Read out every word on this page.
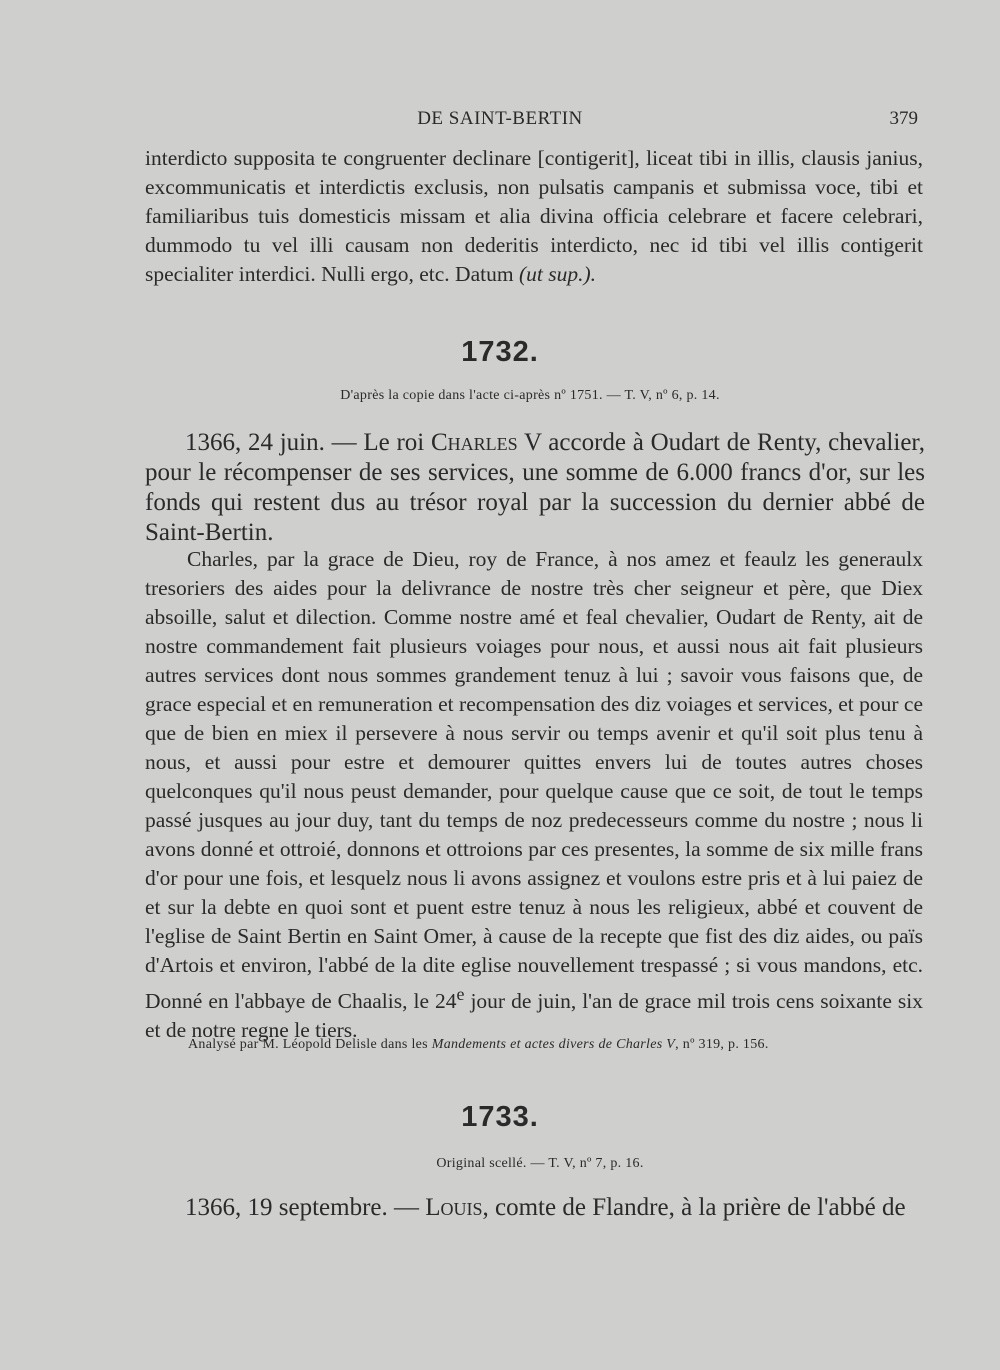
DE SAINT-BERTIN	379

interdicto supposita te congruenter declinare [contigerit], liceat tibi in illis, clausis janius, excommunicatis et interdictis exclusis, non pulsatis campanis et submissa voce, tibi et familiaribus tuis domesticis missam et alia divina officia celebrare et facere celebrari, dummodo tu vel illi causam non dederitis interdicto, nec id tibi vel illis contigerit specialiter interdici. Nulli ergo, etc. Datum (ut sup.).

1732.
D'après la copie dans l'acte ci-après nº 1751. — T. V, nº 6, p. 14.

1366, 24 juin. — Le roi Charles V accorde à Oudart de Renty, chevalier, pour le récompenser de ses services, une somme de 6.000 francs d'or, sur les fonds qui restent dus au trésor royal par la succession du dernier abbé de Saint-Bertin.

Charles, par la grace de Dieu, roy de France, à nos amez et feaulz les generaulx tresoriers des aides pour la delivrance de nostre très cher seigneur et père, que Diex absoille, salut et dilection. Comme nostre amé et feal chevalier, Oudart de Renty, ait de nostre commandement fait plusieurs voiages pour nous, et aussi nous ait fait plusieurs autres services dont nous sommes grandement tenuz à lui ; savoir vous faisons que, de grace especial et en remuneration et recompensation des diz voiages et services, et pour ce que de bien en miex il persevere à nous servir ou temps avenir et qu'il soit plus tenu à nous, et aussi pour estre et demourer quittes envers lui de toutes autres choses quelconques qu'il nous peust demander, pour quelque cause que ce soit, de tout le temps passé jusques au jour duy, tant du temps de noz predecesseurs comme du nostre ; nous li avons donné et ottroié, donnons et ottroions par ces presentes, la somme de six mille frans d'or pour une fois, et lesquelz nous li avons assignez et voulons estre pris et à lui paiez de et sur la debte en quoi sont et puent estre tenuz à nous les religieux, abbé et couvent de l'eglise de Saint Bertin en Saint Omer, à cause de la recepte que fist des diz aides, ou païs d'Artois et environ, l'abbé de la dite eglise nouvellement trespassé ; si vous mandons, etc. Donné en l'abbaye de Chaalis, le 24e jour de juin, l'an de grace mil trois cens soixante six et de notre regne le tiers.

Analysé par M. Léopold Delisle dans les Mandements et actes divers de Charles V, nº 319, p. 156.
1733.
Original scellé. — T. V, nº 7, p. 16.

1366, 19 septembre. — Louis, comte de Flandre, à la prière de l'abbé de
